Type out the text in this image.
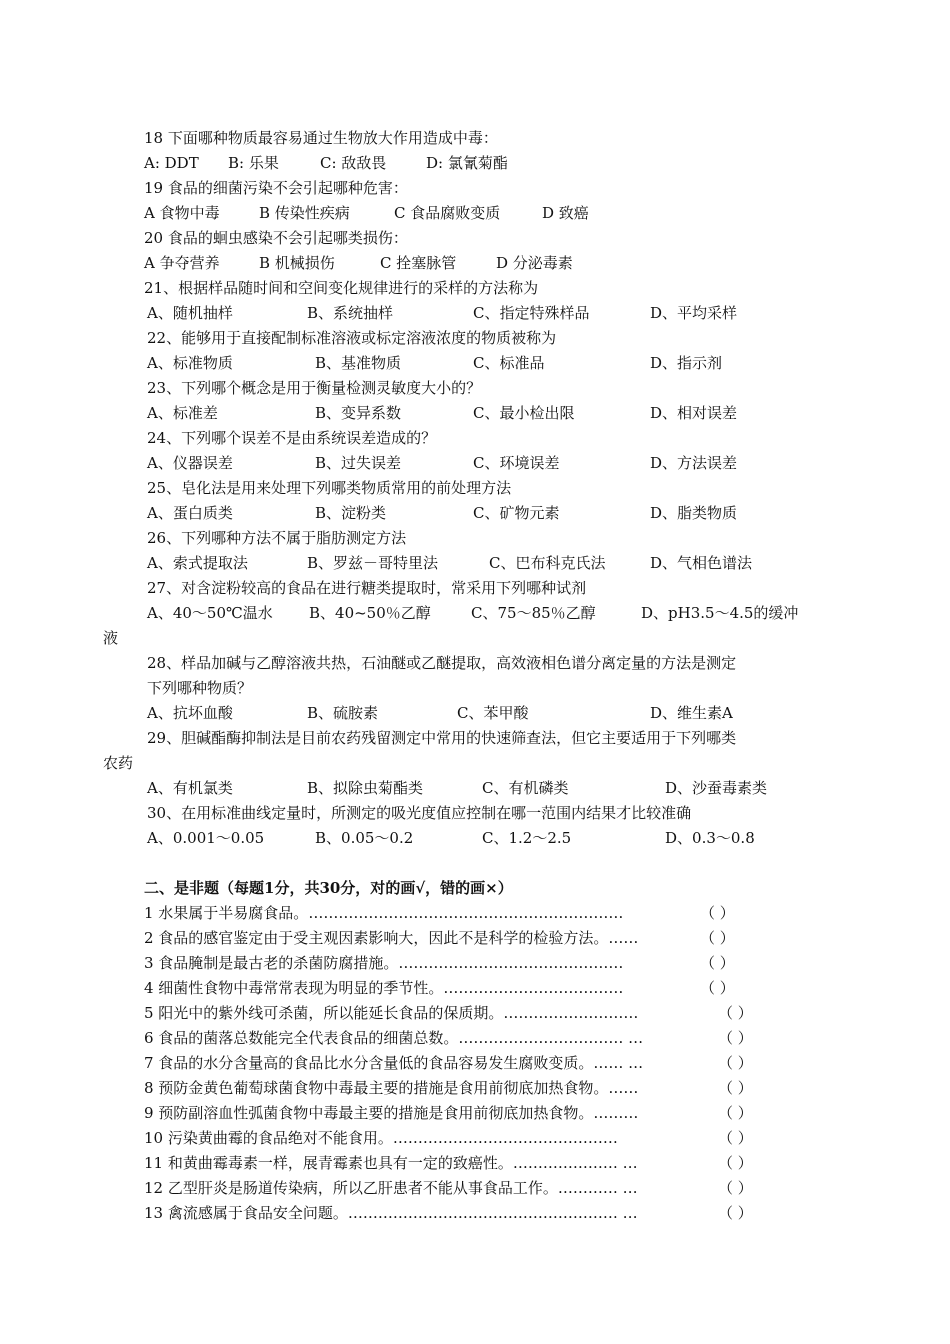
18 下面哪种物质最容易通过生物放大作用造成中毒：
A: DDT B: 乐果	C: 敌敌畏	D: 氯氰菊酯
19 食品的细菌污染不会引起哪种危害：
A 食物中毒	B 传染性疾病	C 食品腐败变质	D 致癌
20 食品的蛔虫感染不会引起哪类损伤：
A 争夺营养	B 机械损伤	C 拴塞脉管	D 分泌毒素
21、根据样品随时间和空间变化规律进行的采样的方法称为
A、随机抽样	B、系统抽样	C、指定特殊样品	D、平均采样
22、能够用于直接配制标准溶液或标定溶液浓度的物质被称为
A、标准物质	B、基准物质	C、标准品	D、指示剂
23、下列哪个概念是用于衡量检测灵敏度大小的？
A、标准差	B、变异系数	C、最小检出限	D、相对误差
24、下列哪个误差不是由系统误差造成的？
A、仪器误差	B、过失误差	C、环境误差	D、方法误差
25、皂化法是用来处理下列哪类物质常用的前处理方法
A、蛋白质类	B、淀粉类	C、矿物元素	D、脂类物质
26、下列哪种方法不属于脂肪测定方法
A、索式提取法	B、罗兹－哥特里法	C、巴布科克氏法	D、气相色谱法
27、对含淀粉较高的食品在进行糖类提取时，常采用下列哪种试剂
A、40～50℃温水 B、40~50％乙醇	C、75～85％乙醇	D、pH3.5～4.5的缓冲
液
28、样品加碱与乙醇溶液共热，石油醚或乙醚提取，高效液相色谱分离定量的方法是测定
下列哪种物质？
A、抗坏血酸	B、硫胺素	C、苯甲酸	D、维生素A
29、胆碱酯酶抑制法是目前农药残留测定中常用的快速筛查法，但它主要适用于下列哪类
农药
A、有机氯类	B、拟除虫菊酯类	C、有机磷类	D、沙蚕毒素类
30、在用标准曲线定量时，所测定的吸光度值应控制在哪一范围内结果才比较准确
A、0.001～0.05	B、0.05～0.2	C、1.2～2.5	D、0.3～0.8
二、是非题（每题1分，共30分，对的画√，错的画×）
1 水果属于半易腐食品。………………………………………………………	（ ）
2 食品的感官鉴定由于受主观因素影响大，因此不是科学的检验方法。……	（ ）
3 食品腌制是最古老的杀菌防腐措施。………………………………………	（ ）
4 细菌性食物中毒常常表现为明显的季节性。………………………………	（ ）
5 阳光中的紫外线可杀菌，所以能延长食品的保质期。………………………	（ ）
6 食品的菌落总数能完全代表食品的细菌总数。…………………………… …	（ ）
7 食品的水分含量高的食品比水分含量低的食品容易发生腐败变质。…… …	（ ）
8 预防金黄色葡萄球菌食物中毒最主要的措施是食用前彻底加热食物。……	（ ）
9 预防副溶血性弧菌食物中毒最主要的措施是食用前彻底加热食物。………	（ ）
10 污染黄曲霉的食品绝对不能食用。………………………………………	（ ）
11 和黄曲霉毒素一样，展青霉素也具有一定的致癌性。………………… …	（ ）
12 乙型肝炎是肠道传染病，所以乙肝患者不能从事食品工作。………… …	（ ）
13 禽流感属于食品安全问题。……………………………………………… …	（ ）
